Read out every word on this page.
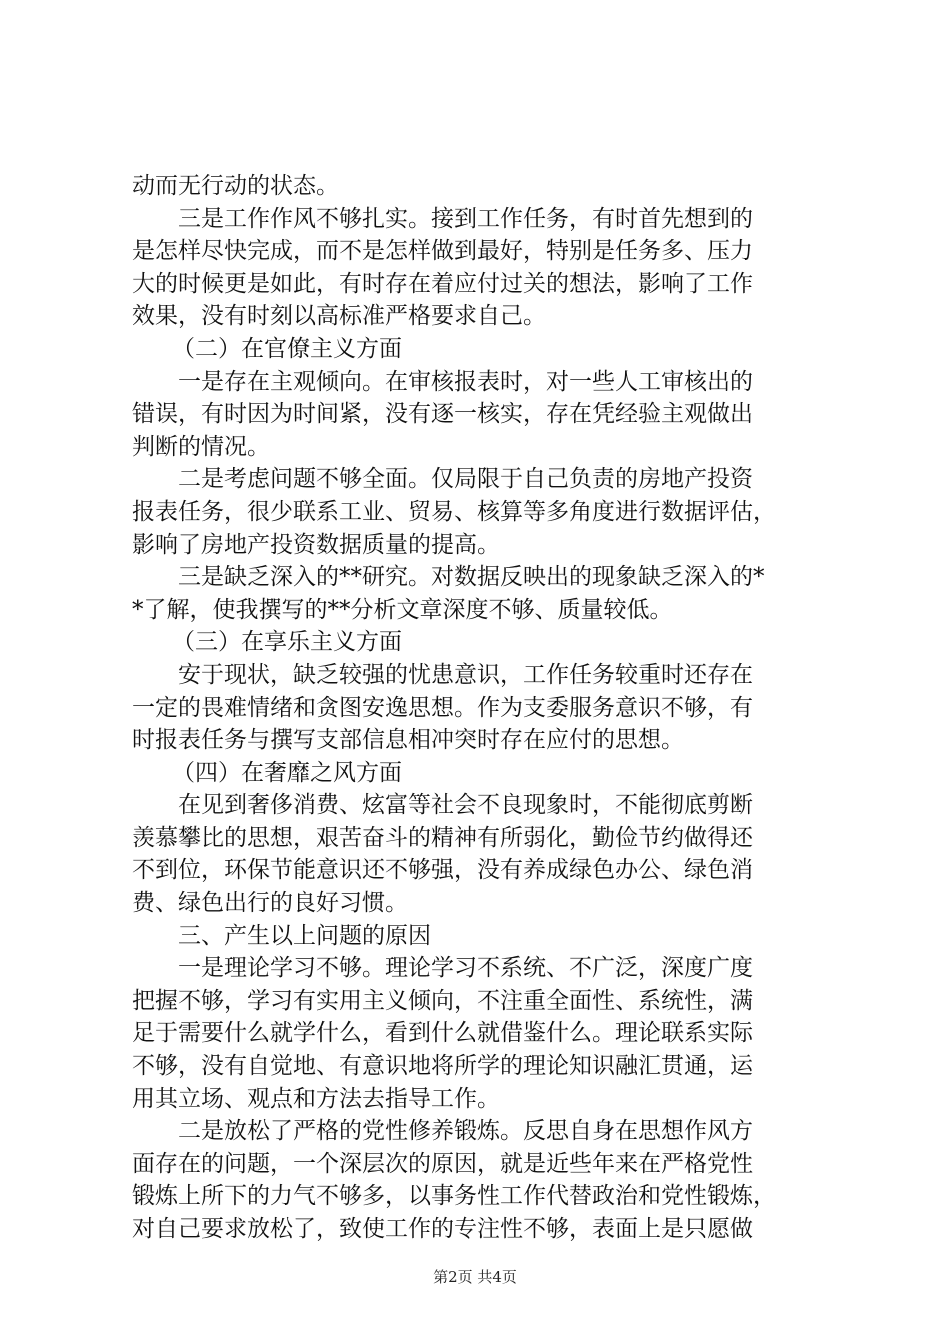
动而无行动的状态。
三是工作作风不够扎实。接到工作任务，有时首先想到的
是怎样尽快完成，而不是怎样做到最好，特别是任务多、压力
大的时候更是如此，有时存在着应付过关的想法，影响了工作
效果，没有时刻以高标准严格要求自己。
（二）在官僚主义方面
一是存在主观倾向。在审核报表时，对一些人工审核出的
错误，有时因为时间紧，没有逐一核实，存在凭经验主观做出
判断的情况。
二是考虑问题不够全面。仅局限于自己负责的房地产投资
报表任务，很少联系工业、贸易、核算等多角度进行数据评估，
影响了房地产投资数据质量的提高。
三是缺乏深入的**研究。对数据反映出的现象缺乏深入的*
*了解，使我撰写的**分析文章深度不够、质量较低。
（三）在享乐主义方面
安于现状，缺乏较强的忧患意识，工作任务较重时还存在
一定的畏难情绪和贪图安逸思想。作为支委服务意识不够，有
时报表任务与撰写支部信息相冲突时存在应付的思想。
（四）在奢靡之风方面
在见到奢侈消费、炫富等社会不良现象时，不能彻底剪断
羡慕攀比的思想，艰苦奋斗的精神有所弱化，勤俭节约做得还
不到位，环保节能意识还不够强，没有养成绿色办公、绿色消
费、绿色出行的良好习惯。
三、产生以上问题的原因
一是理论学习不够。理论学习不系统、不广泛，深度广度
把握不够，学习有实用主义倾向，不注重全面性、系统性，满
足于需要什么就学什么，看到什么就借鉴什么。理论联系实际
不够，没有自觉地、有意识地将所学的理论知识融汇贯通，运
用其立场、观点和方法去指导工作。
二是放松了严格的党性修养锻炼。反思自身在思想作风方
面存在的问题，一个深层次的原因，就是近些年来在严格党性
锻炼上所下的力气不够多，以事务性工作代替政治和党性锻炼，
对自己要求放松了，致使工作的专注性不够，表面上是只愿做
第2页 共4页
